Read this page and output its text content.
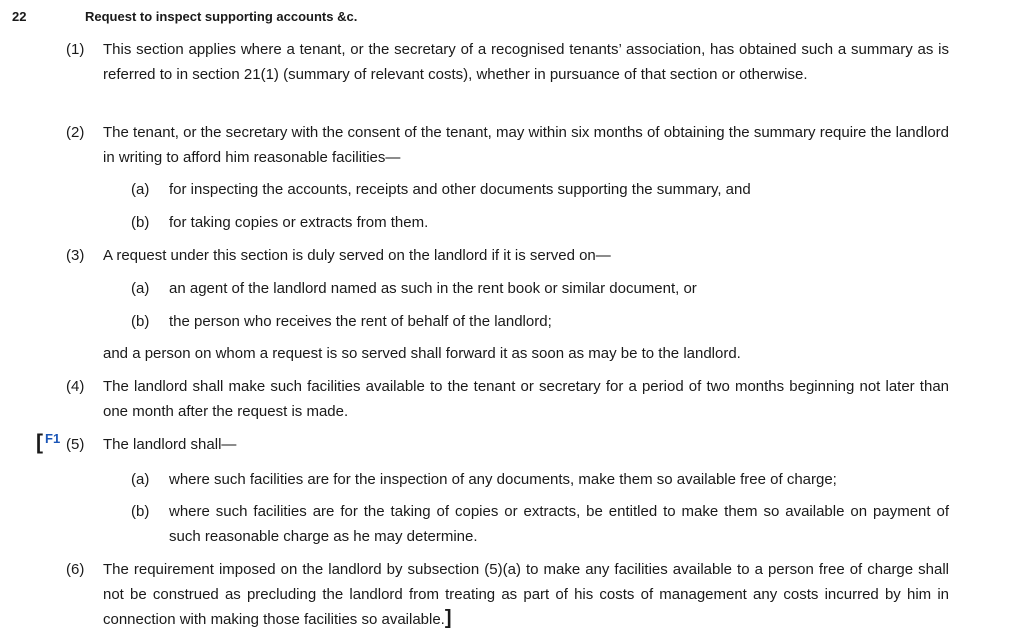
22	Request to inspect supporting accounts &c.
(1) This section applies where a tenant, or the secretary of a recognised tenants’ association, has obtained such a summary as is referred to in section 21(1) (summary of relevant costs), whether in pursuance of that section or otherwise.
(2) The tenant, or the secretary with the consent of the tenant, may within six months of obtaining the summary require the landlord in writing to afford him reasonable facilities—
(a) for inspecting the accounts, receipts and other documents supporting the summary, and
(b) for taking copies or extracts from them.
(3) A request under this section is duly served on the landlord if it is served on—
(a) an agent of the landlord named as such in the rent book or similar document, or
(b) the person who receives the rent of behalf of the landlord;
and a person on whom a request is so served shall forward it as soon as may be to the landlord.
(4) The landlord shall make such facilities available to the tenant or secretary for a period of two months beginning not later than one month after the request is made.
[ F1 (5) The landlord shall—
(a) where such facilities are for the inspection of any documents, make them so available free of charge;
(b) where such facilities are for the taking of copies or extracts, be entitled to make them so available on payment of such reasonable charge as he may determine.
(6) The requirement imposed on the landlord by subsection (5)(a) to make any facilities available to a person free of charge shall not be construed as precluding the landlord from treating as part of his costs of management any costs incurred by him in connection with making those facilities so available.]
